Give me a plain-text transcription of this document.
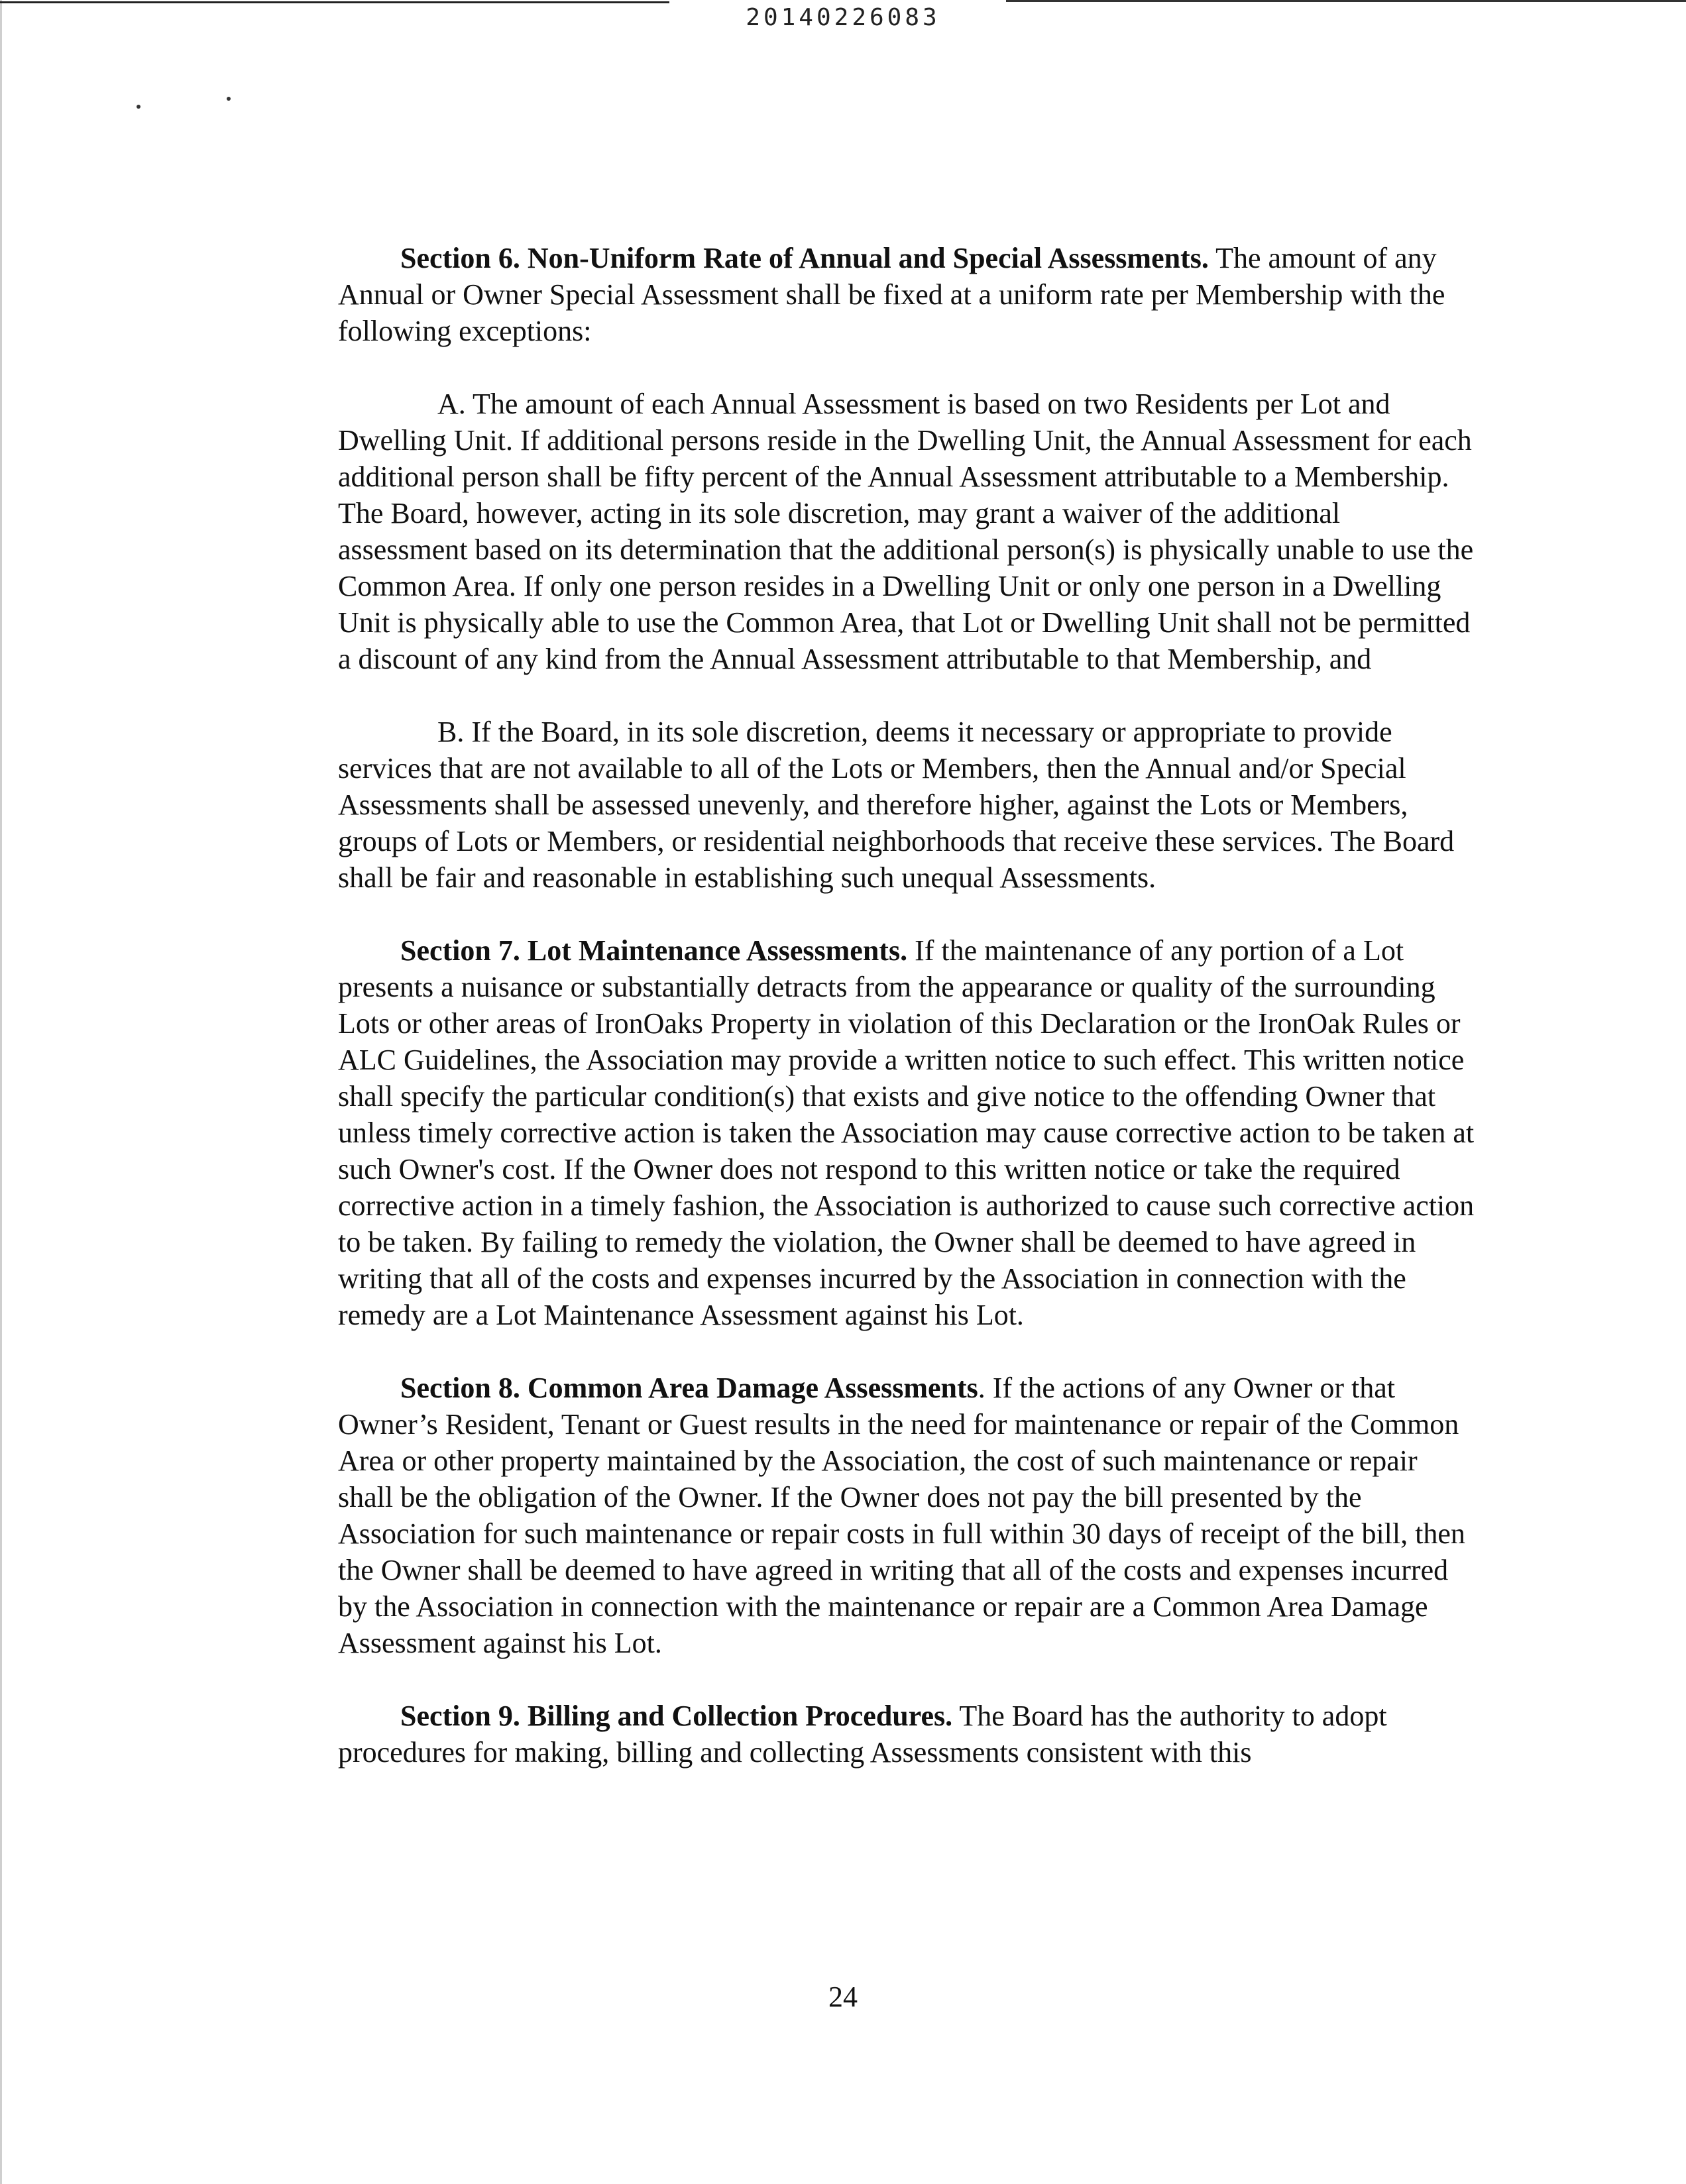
20140226083

Section 6. Non-Uniform Rate of Annual and Special Assessments. The amount of any Annual or Owner Special Assessment shall be fixed at a uniform rate per Membership with the following exceptions:

A. The amount of each Annual Assessment is based on two Residents per Lot and Dwelling Unit. If additional persons reside in the Dwelling Unit, the Annual Assessment for each additional person shall be fifty percent of the Annual Assessment attributable to a Membership. The Board, however, acting in its sole discretion, may grant a waiver of the additional assessment based on its determination that the additional person(s) is physically unable to use the Common Area. If only one person resides in a Dwelling Unit or only one person in a Dwelling Unit is physically able to use the Common Area, that Lot or Dwelling Unit shall not be permitted a discount of any kind from the Annual Assessment attributable to that Membership, and

B. If the Board, in its sole discretion, deems it necessary or appropriate to provide services that are not available to all of the Lots or Members, then the Annual and/or Special Assessments shall be assessed unevenly, and therefore higher, against the Lots or Members, groups of Lots or Members, or residential neighborhoods that receive these services. The Board shall be fair and reasonable in establishing such unequal Assessments.

Section 7. Lot Maintenance Assessments. If the maintenance of any portion of a Lot presents a nuisance or substantially detracts from the appearance or quality of the surrounding Lots or other areas of IronOaks Property in violation of this Declaration or the IronOak Rules or ALC Guidelines, the Association may provide a written notice to such effect. This written notice shall specify the particular condition(s) that exists and give notice to the offending Owner that unless timely corrective action is taken the Association may cause corrective action to be taken at such Owner's cost. If the Owner does not respond to this written notice or take the required corrective action in a timely fashion, the Association is authorized to cause such corrective action to be taken. By failing to remedy the violation, the Owner shall be deemed to have agreed in writing that all of the costs and expenses incurred by the Association in connection with the remedy are a Lot Maintenance Assessment against his Lot.

Section 8. Common Area Damage Assessments. If the actions of any Owner or that Owner’s Resident, Tenant or Guest results in the need for maintenance or repair of the Common Area or other property maintained by the Association, the cost of such maintenance or repair shall be the obligation of the Owner. If the Owner does not pay the bill presented by the Association for such maintenance or repair costs in full within 30 days of receipt of the bill, then the Owner shall be deemed to have agreed in writing that all of the costs and expenses incurred by the Association in connection with the maintenance or repair are a Common Area Damage Assessment against his Lot.

Section 9. Billing and Collection Procedures. The Board has the authority to adopt procedures for making, billing and collecting Assessments consistent with this

24
